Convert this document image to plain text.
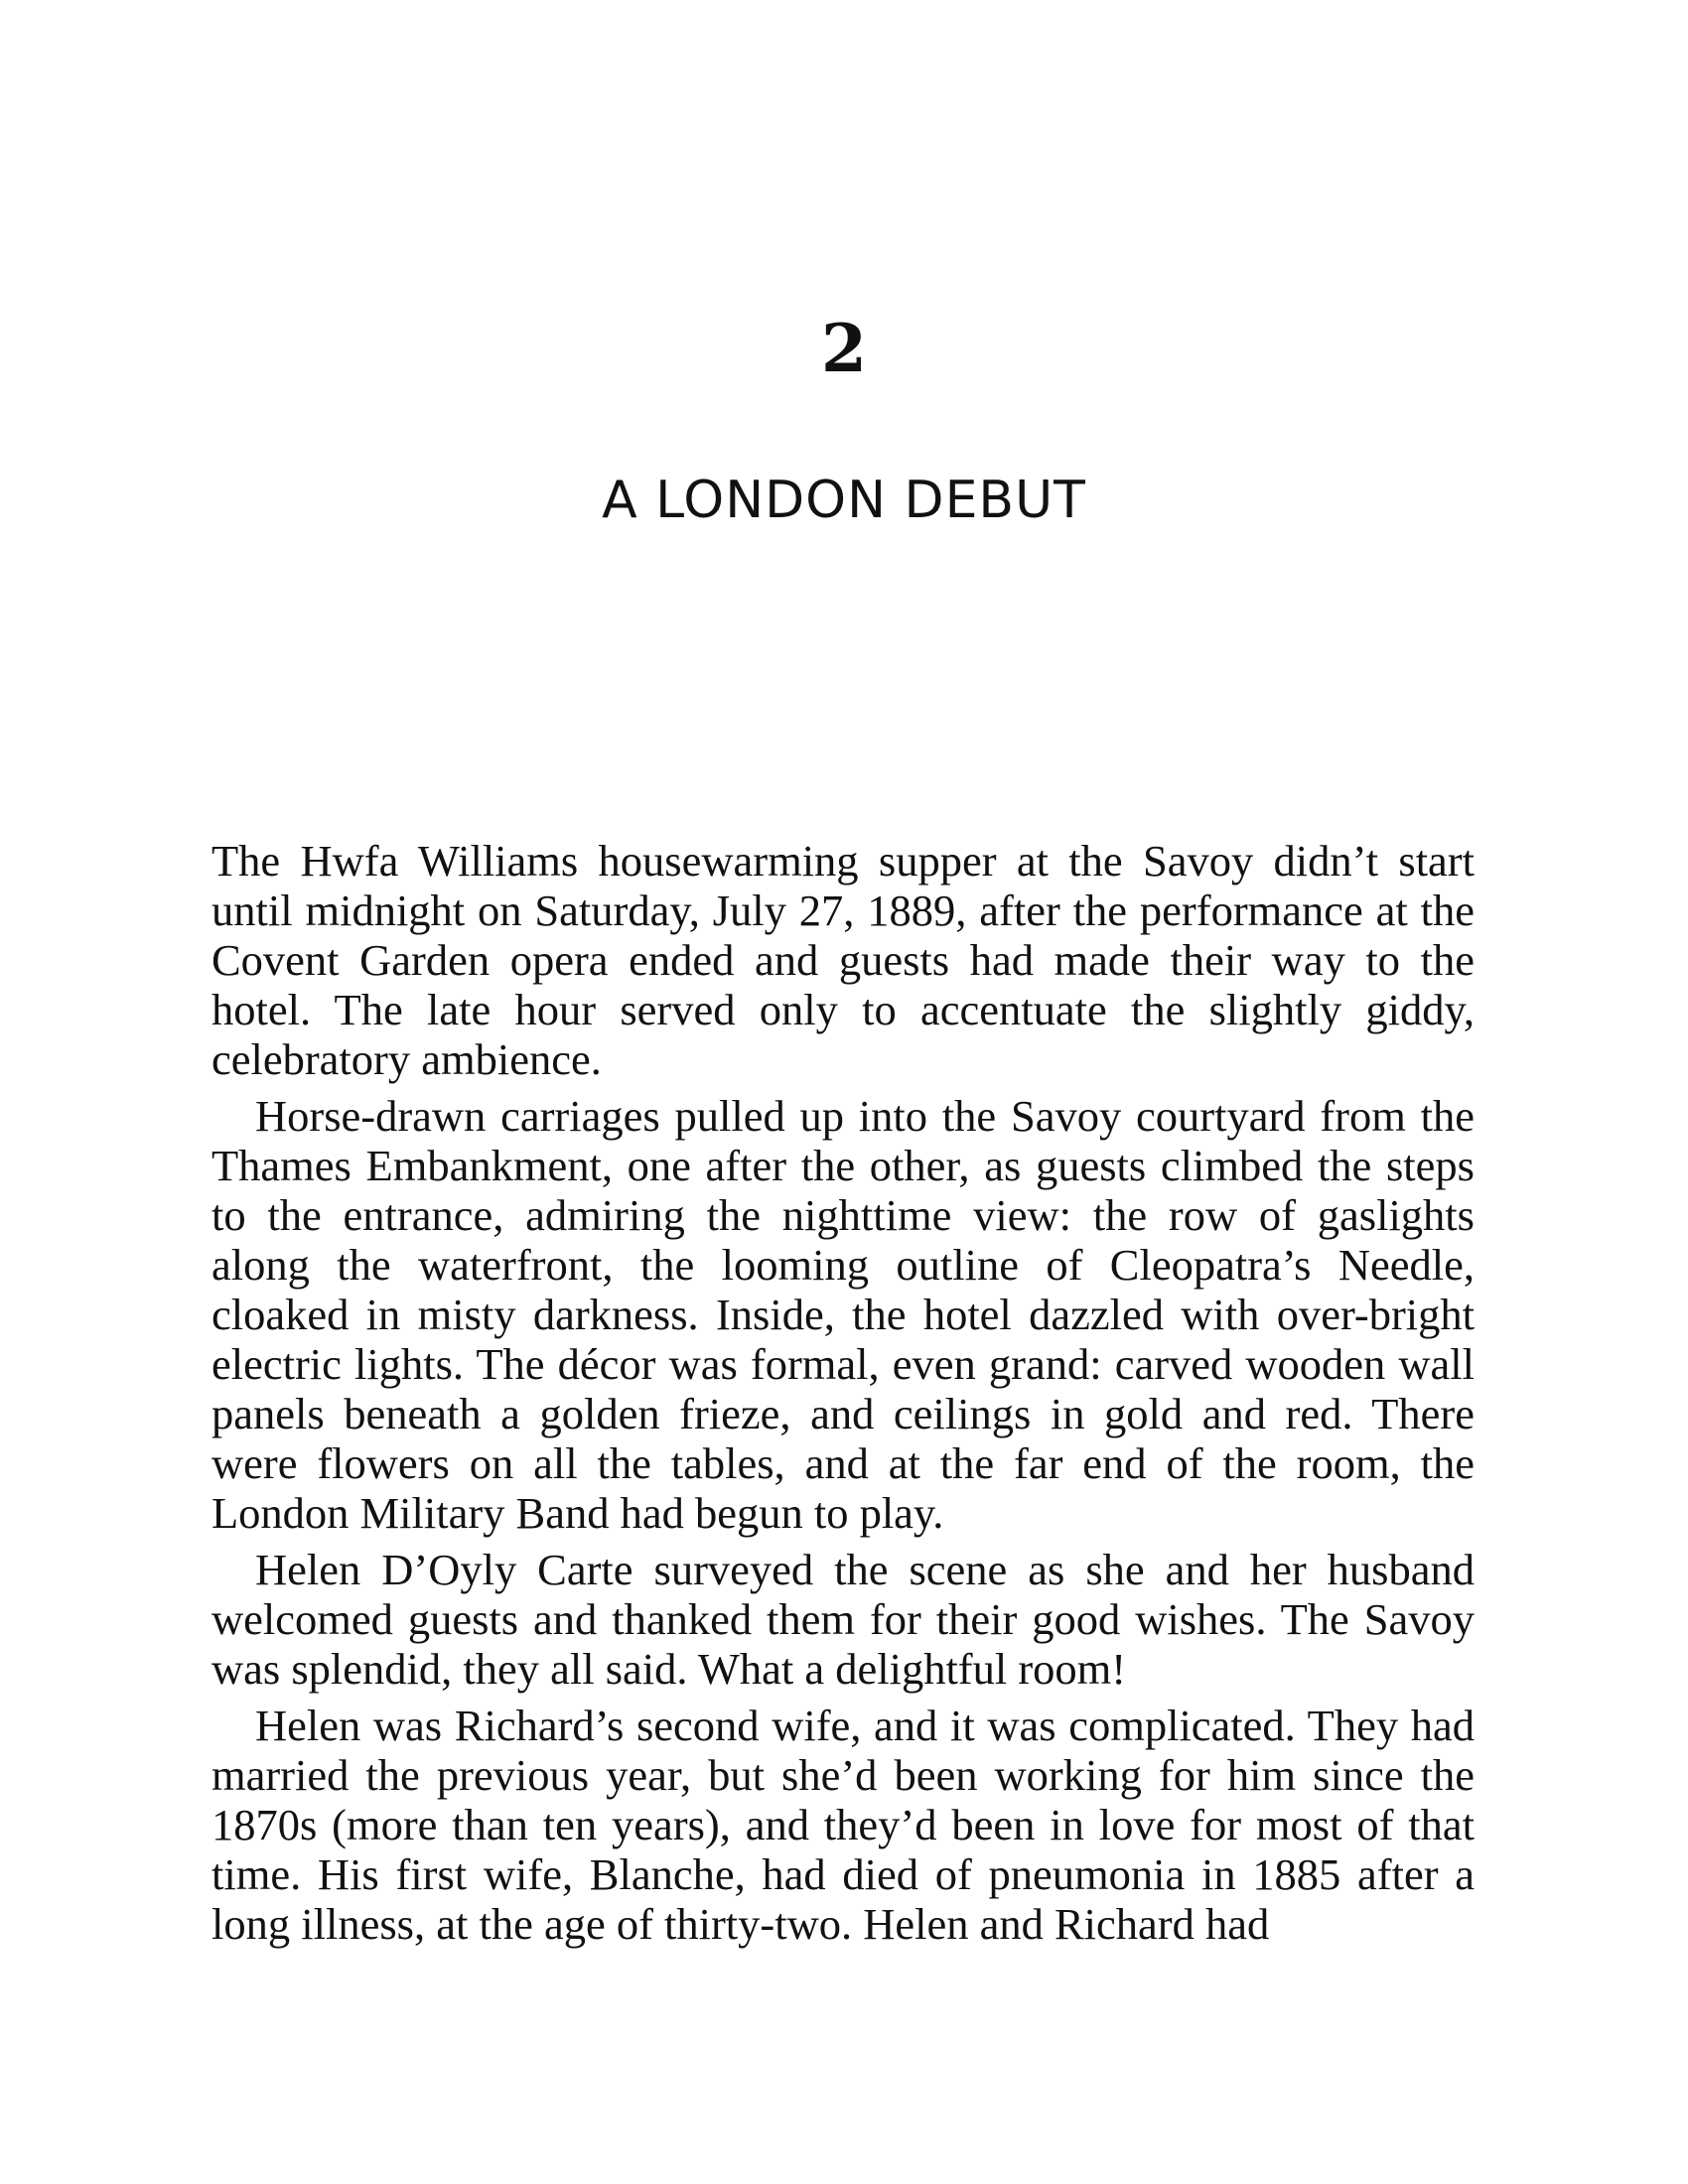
2
A LONDON DEBUT

The Hwfa Williams housewarming supper at the Savoy didn’t start until midnight on Saturday, July 27, 1889, after the performance at the Covent Garden opera ended and guests had made their way to the hotel. The late hour served only to accentuate the slightly giddy, celebratory ambience.

Horse-drawn carriages pulled up into the Savoy courtyard from the Thames Embankment, one after the other, as guests climbed the steps to the entrance, admiring the nighttime view: the row of gaslights along the waterfront, the looming outline of Cleopatra’s Needle, cloaked in misty darkness. Inside, the hotel dazzled with over-bright electric lights. The décor was formal, even grand: carved wooden wall panels beneath a golden frieze, and ceilings in gold and red. There were flowers on all the tables, and at the far end of the room, the London Military Band had begun to play.

Helen D’Oyly Carte surveyed the scene as she and her husband welcomed guests and thanked them for their good wishes. The Savoy was splendid, they all said. What a delightful room!

Helen was Richard’s second wife, and it was complicated. They had married the previous year, but she’d been working for him since the 1870s (more than ten years), and they’d been in love for most of that time. His first wife, Blanche, had died of pneumonia in 1885 after a long illness, at the age of thirty-two. Helen and Richard had
